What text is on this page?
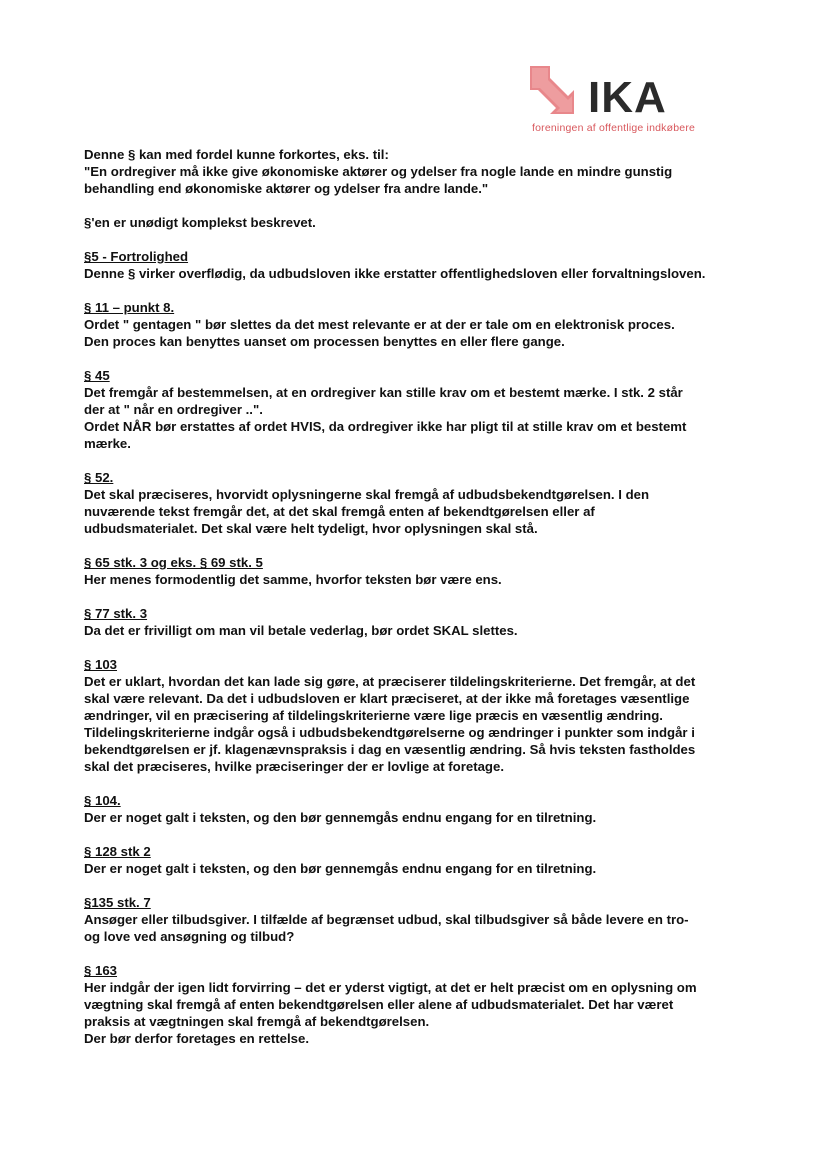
IKA
foreningen af offentlige indkøbere
Denne § kan med fordel kunne forkortes, eks. til:
"En ordregiver må ikke give økonomiske aktører og ydelser fra nogle lande en mindre gunstig
behandling end økonomiske aktører og ydelser fra andre lande."
§'en er unødigt komplekst beskrevet.
§5 - Fortrolighed
Denne § virker overflødig, da udbudsloven ikke erstatter offentlighedsloven eller forvaltningsloven.
§ 11 – punkt 8.
Ordet " gentagen " bør slettes da det mest relevante er at der er tale om en elektronisk proces.
Den proces kan benyttes uanset om processen benyttes en eller flere gange.
§ 45
Det fremgår af bestemmelsen, at en ordregiver kan stille krav om et bestemt mærke. I stk. 2 står
der at " når en ordregiver ..".
Ordet NÅR bør erstattes af ordet HVIS, da ordregiver ikke har pligt til at stille krav om et bestemt
mærke.
§ 52.
Det skal præciseres, hvorvidt oplysningerne skal fremgå af udbudsbekendtgørelsen. I den
nuværende tekst fremgår det, at det skal fremgå enten af bekendtgørelsen eller af
udbudsmaterialet. Det skal være helt tydeligt, hvor oplysningen skal stå.
§ 65 stk. 3 og eks. § 69 stk. 5
Her menes formodentlig det samme, hvorfor teksten bør være ens.
§ 77 stk. 3
Da det er frivilligt om man vil betale vederlag, bør ordet SKAL slettes.
§ 103
Det er uklart, hvordan det kan lade sig gøre, at præciserer tildelingskriterierne. Det fremgår, at det
skal være relevant. Da det i udbudsloven er klart præciseret, at der ikke må foretages væsentlige
ændringer, vil en præcisering af tildelingskriterierne være lige præcis en væsentlig ændring.
Tildelingskriterierne indgår også i udbudsbekendtgørelserne og ændringer i punkter som indgår i
bekendtgørelsen er jf. klagenævnspraksis i dag en væsentlig ændring. Så hvis teksten fastholdes
skal det præciseres, hvilke præciseringer der er lovlige at foretage.
§ 104.
Der er noget galt i teksten, og den bør gennemgås endnu engang for en tilretning.
§ 128 stk 2
Der er noget galt i teksten, og den bør gennemgås endnu engang for en tilretning.
§135 stk. 7
Ansøger eller tilbudsgiver. I tilfælde af begrænset udbud, skal tilbudsgiver så både levere en tro-
og love ved ansøgning og tilbud?
§ 163
Her indgår der igen lidt forvirring – det er yderst vigtigt, at det er helt præcist om en oplysning om
vægtning skal fremgå af enten bekendtgørelsen eller alene af udbudsmaterialet. Det har været
praksis at vægtningen skal fremgå af bekendtgørelsen.
Der bør derfor foretages en rettelse.
